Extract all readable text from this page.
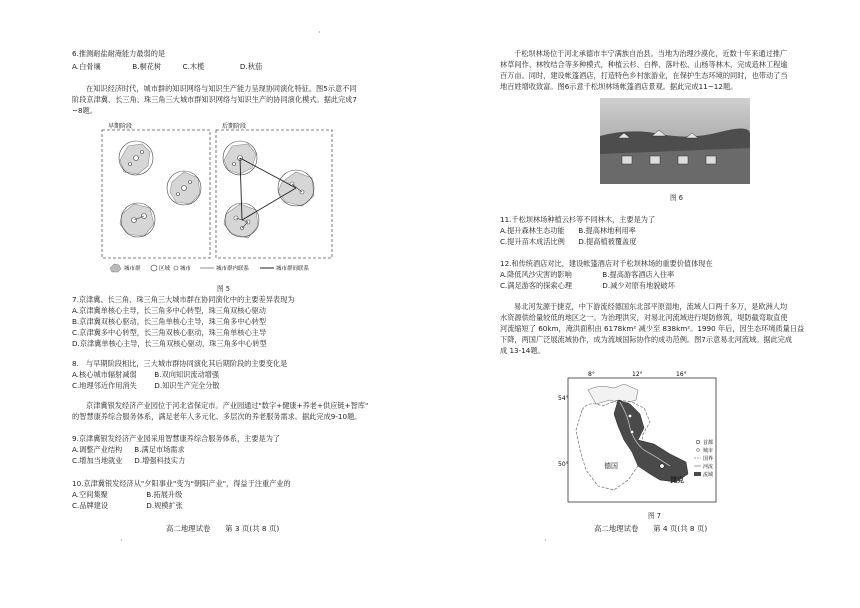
6.推测耐盐耐淹能力最弱的是
A.白骨壤	B.桐花树	C.木榄	D.秋茄
在知识经济时代，城市群的知识网络与知识生产能力呈现协同演化特征。图5示意不同
阶段京津冀、长三角、珠三角三大城市群知识网络与知识生产的协同演化模式。据此完成7
~8题。
早期阶段	后期阶段
城市群	区域 城市	城市群内联系	城市群间联系
图 5
7.京津冀、长三角、珠三角三大城市群在协同演化中的主要差异表现为
A.京津冀单核心主导，长三角多中心转型，珠三角双核心驱动
B.京津冀双核心驱动，长三角单核心主导，珠三角多中心转型
C.京津冀多中心转型，长三角双核心驱动，珠三角单核心主导
D.京津冀单核心主导，长三角双核心驱动，珠三角多中心转型
8.　与早期阶段相比，三大城市群协同演化其后期阶段的主要变化是
A.核心城市辐射减弱 B.双向知识流动增强
C.地理邻近作用消失 D.知识生产完全分散
京津冀银发经济产业园位于河北省保定市。产业园通过"数字+健康+养老+供应链+智库"
的智慧康养综合服务体系，满足老年人多元化、多层次的养老服务需求。据此完成9-10题。
9.京津冀银发经济产业园采用智慧康养综合服务体系，主要是为了
A.调整产业结构 B.满足市场需求
C.增加当地就业 D.增强科技实力
10.京津冀银发经济从"夕阳事业"变为"朝阳产业"，得益于注重产业的
A.空间集聚	B.拓展升级
C.品牌建设	D.规模扩张
高二地理试卷　　第 3 页(共 8 页)
·
·
千松坝林场位于河北承德市丰宁满族自治县。当地为治理沙漠化，近数十年来通过推广
林草间作、林牧结合等多种模式，种植云杉、白桦、落叶松、山杨等林木，完成造林工程逾
百万亩。同时，建设帐篷酒店，打造特色乡村旅游业，在保护生态环境的同时，也带动了当
地百姓增收致富。图6示意千松坝林场帐篷酒店景观。据此完成11~12题。
图 6
11.千松坝林场种植云杉等不同林木，主要是为了
A.提升森林生态功能 B.提高林地利用率
C.提升苗木成活比例 D.提高植被覆盖度
12.和传统酒店对比，建设帐篷酒店对千松坝林场的重要价值体现在
A.降低风沙灾害的影响	B.提高游客酒店入住率
C.满足游客的探索心理	D.减少对原有地貌破坏
易北河发源于捷克，中下游流经德国东北部平原湿地，流域人口两千多万，是欧洲人均
水资源供给量较低的地区之一。为治理洪灾，对易北河流域进行堤防修筑，堤防截弯取直使
河流缩短了 60km，淹洪面积由 6178km² 减少至 838km²。1990 年后，因生态环境质量日益
下降，两国广泛展流域协作，成为流域国际协作的成功范例。图7示意易北河流域。据此完成
成 13-14题。
8°	12°	16°
54°
50°	德国
捷克
首都
城市
国界
河流
流域
图 7
高二地理试卷　　第 4 页(共 8 页)
·
